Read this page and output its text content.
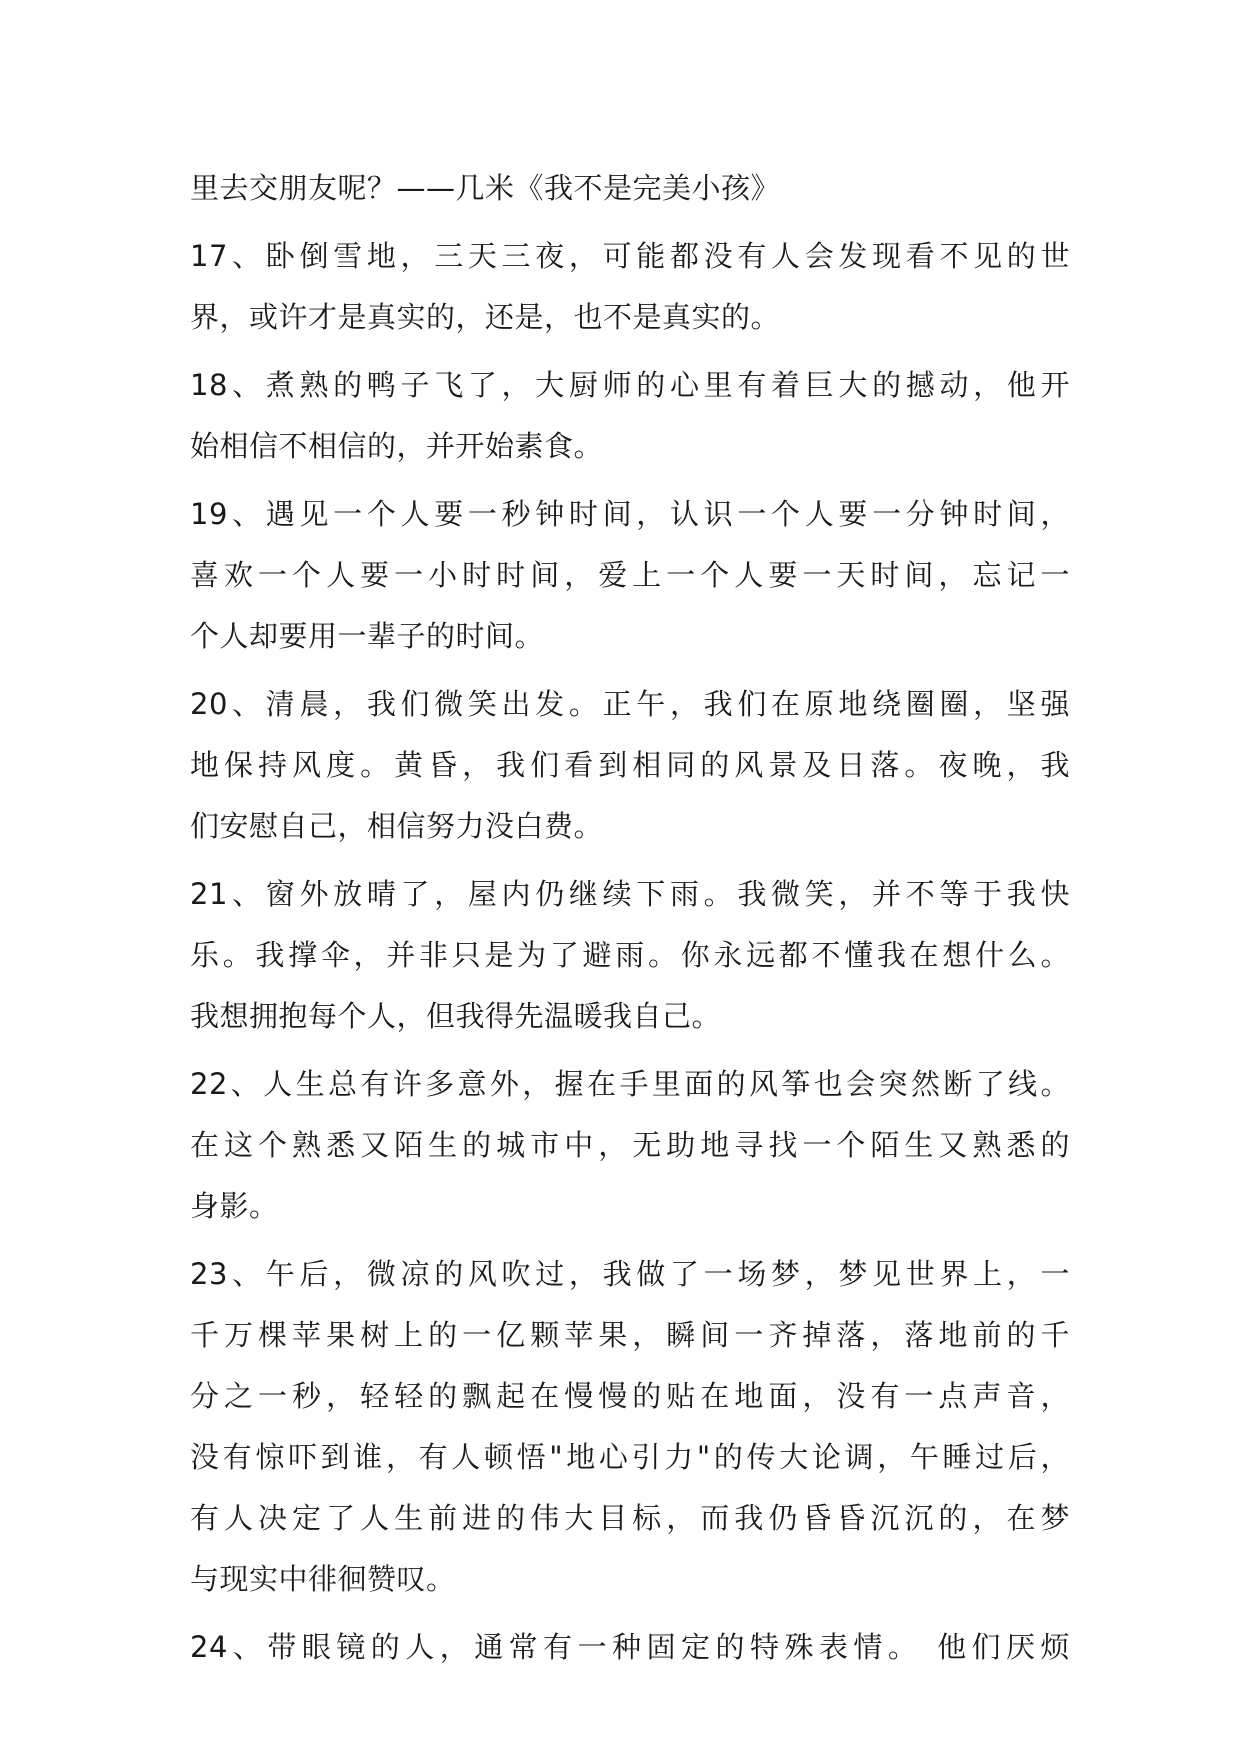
里去交朋友呢？——几米《我不是完美小孩》
17、卧倒雪地，三天三夜，可能都没有人会发现看不见的世
界，或许才是真实的，还是，也不是真实的。
18、煮熟的鸭子飞了，大厨师的心里有着巨大的撼动，他开
始相信不相信的，并开始素食。
19、遇见一个人要一秒钟时间，认识一个人要一分钟时间，
喜欢一个人要一小时时间，爱上一个人要一天时间，忘记一
个人却要用一辈子的时间。
20、清晨，我们微笑出发。正午，我们在原地绕圈圈，坚强
地保持风度。黄昏，我们看到相同的风景及日落。夜晚，我
们安慰自己，相信努力没白费。
21、窗外放晴了，屋内仍继续下雨。我微笑，并不等于我快
乐。我撑伞，并非只是为了避雨。你永远都不懂我在想什么。
我想拥抱每个人，但我得先温暖我自己。
22、人生总有许多意外，握在手里面的风筝也会突然断了线。
在这个熟悉又陌生的城市中，无助地寻找一个陌生又熟悉的
身影。
23、午后，微凉的风吹过，我做了一场梦，梦见世界上，一
千万棵苹果树上的一亿颗苹果，瞬间一齐掉落，落地前的千
分之一秒，轻轻的飘起在慢慢的贴在地面，没有一点声音，
没有惊吓到谁，有人顿悟"地心引力"的传大论调，午睡过后，
有人决定了人生前进的伟大目标，而我仍昏昏沉沉的，在梦
与现实中徘徊赞叹。
24、带眼镜的人，通常有一种固定的特殊表情。 他们厌烦
